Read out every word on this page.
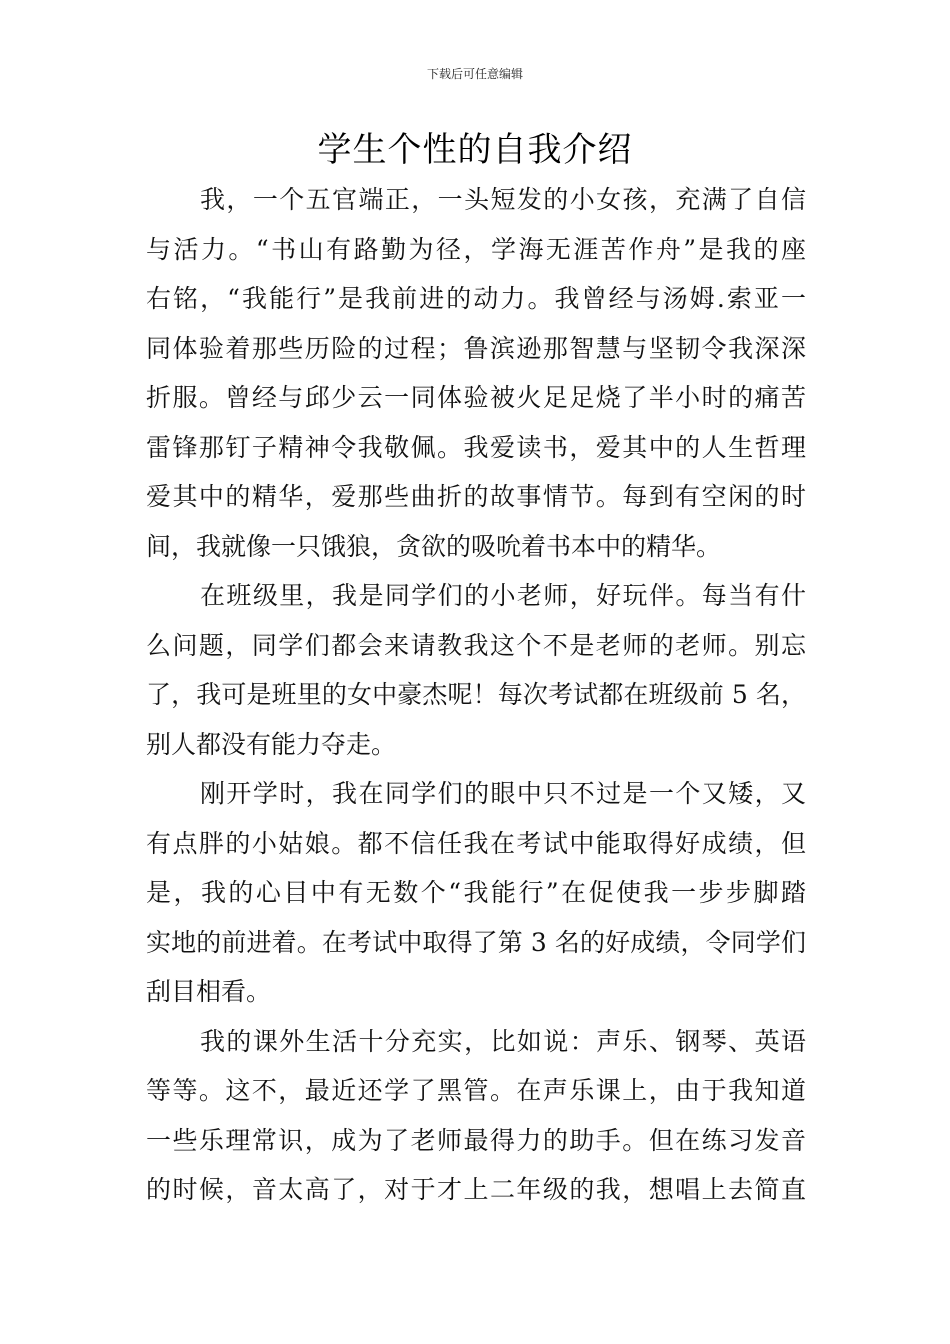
下载后可任意编辑
学生个性的自我介绍
我，一个五官端正，一头短发的小女孩，充满了自信
与活力。“书山有路勤为径，学海无涯苦作舟”是我的座
右铭，“我能行”是我前进的动力。我曾经与汤姆.索亚一
同体验着那些历险的过程；鲁滨逊那智慧与坚韧令我深深
折服。曾经与邱少云一同体验被火足足烧了半小时的痛苦
雷锋那钉子精神令我敬佩。我爱读书，爱其中的人生哲理
爱其中的精华，爱那些曲折的故事情节。每到有空闲的时
间，我就像一只饿狼，贪欲的吸吮着书本中的精华。
在班级里，我是同学们的小老师，好玩伴。每当有什
么问题，同学们都会来请教我这个不是老师的老师。别忘
了，我可是班里的女中豪杰呢！每次考试都在班级前 5 名，
别人都没有能力夺走。
刚开学时，我在同学们的眼中只不过是一个又矮，又
有点胖的小姑娘。都不信任我在考试中能取得好成绩，但
是，我的心目中有无数个“我能行”在促使我一步步脚踏
实地的前进着。在考试中取得了第 3 名的好成绩，令同学们
刮目相看。
我的课外生活十分充实，比如说：声乐、钢琴、英语
等等。这不，最近还学了黑管。在声乐课上，由于我知道
一些乐理常识，成为了老师最得力的助手。但在练习发音
的时候，音太高了，对于才上二年级的我，想唱上去简直
